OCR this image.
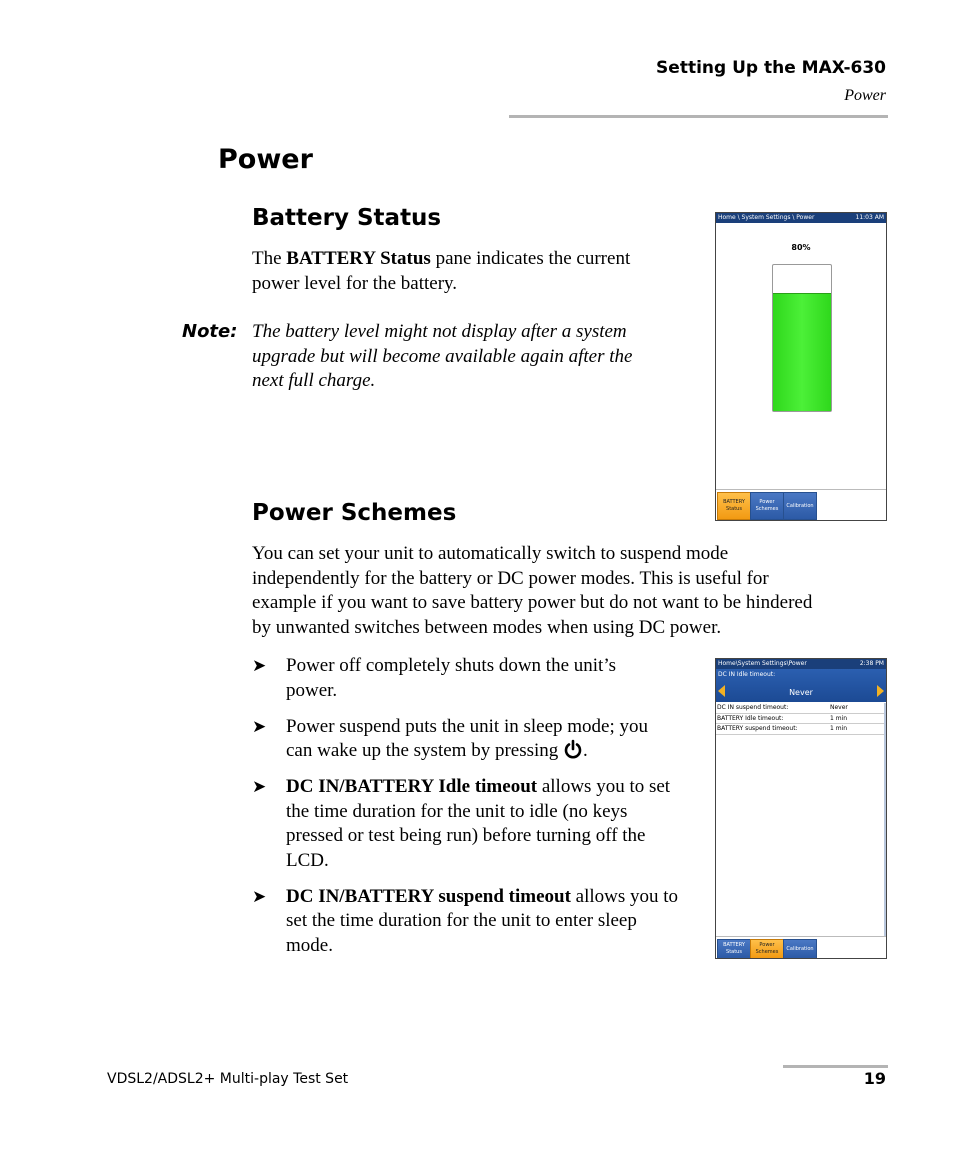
Setting Up the MAX-630
Power
Power
Battery Status
The BATTERY Status pane indicates the current
power level for the battery.
Note: The battery level might not display after a system
upgrade but will become available again after the
next full charge.
Home \ System Settings \ Power	11:03 AM
80%
BATTERY
Status
Power
Schemes
Calibration
Power Schemes
You can set your unit to automatically switch to suspend mode
independently for the battery or DC power modes. This is useful for
example if you want to save battery power but do not want to be hindered
by unwanted switches between modes when using DC power.
➤ Power off completely shuts down the unit’s
power.
➤ Power suspend puts the unit in sleep mode; you
can wake up the system by pressing .
➤ DC IN/BATTERY Idle timeout allows you to set
the time duration for the unit to idle (no keys
pressed or test being run) before turning off the
LCD.
➤ DC IN/BATTERY suspend timeout allows you to
set the time duration for the unit to enter sleep
mode.
Home\System Settings\Power	2:38 PM
DC IN Idle timeout:
Never
DC IN suspend timeout:	Never
BATTERY Idle timeout:	1 min
BATTERY suspend timeout:	1 min
BATTERY
Status
Power
Schemes
Calibration
VDSL2/ADSL2+ Multi-play Test Set	19
